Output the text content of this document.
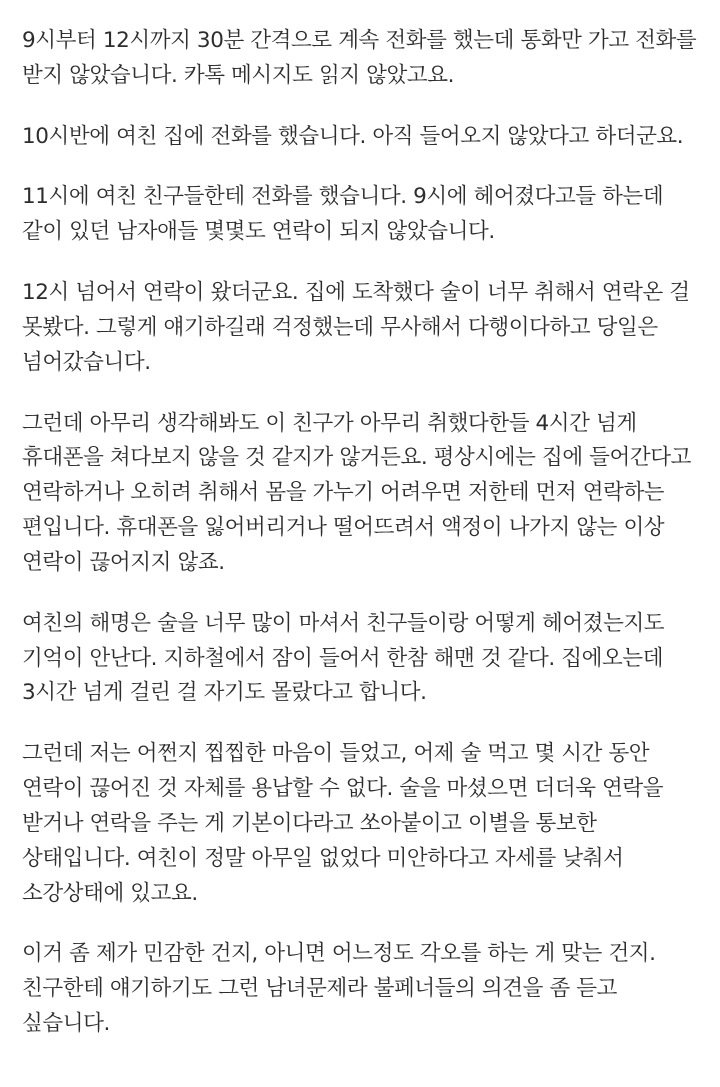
9시부터 12시까지 30분 간격으로 계속 전화를 했는데 통화만 가고 전화를 받지 않았습니다. 카톡 메시지도 읽지 않았고요.

10시반에 여친 집에 전화를 했습니다. 아직 들어오지 않았다고 하더군요.

11시에 여친 친구들한테 전화를 했습니다. 9시에 헤어졌다고들 하는데 같이 있던 남자애들 몇몇도 연락이 되지 않았습니다.

12시 넘어서 연락이 왔더군요. 집에 도착했다 술이 너무 취해서 연락온 걸 못봤다. 그렇게 얘기하길래 걱정했는데 무사해서 다행이다하고 당일은 넘어갔습니다.

그런데 아무리 생각해봐도 이 친구가 아무리 취했다한들 4시간 넘게 휴대폰을 쳐다보지 않을 것 같지가 않거든요. 평상시에는 집에 들어간다고 연락하거나 오히려 취해서 몸을 가누기 어려우면 저한테 먼저 연락하는 편입니다. 휴대폰을 잃어버리거나 떨어뜨려서 액정이 나가지 않는 이상 연락이 끊어지지 않죠.

여친의 해명은 술을 너무 많이 마셔서 친구들이랑 어떻게 헤어졌는지도 기억이 안난다. 지하철에서 잠이 들어서 한참 해맨 것 같다. 집에오는데 3시간 넘게 걸린 걸 자기도 몰랐다고 합니다.

그런데 저는 어쩐지 찝찝한 마음이 들었고, 어제 술 먹고 몇 시간 동안 연락이 끊어진 것 자체를 용납할 수 없다. 술을 마셨으면 더더욱 연락을 받거나 연락을 주는 게 기본이다라고 쏘아붙이고 이별을 통보한 상태입니다. 여친이 정말 아무일 없었다 미안하다고 자세를 낮춰서 소강상태에 있고요.

이거 좀 제가 민감한 건지, 아니면 어느정도 각오를 하는 게 맞는 건지. 친구한테 얘기하기도 그런 남녀문제라 불페너들의 의견을 좀 듣고 싶습니다.
